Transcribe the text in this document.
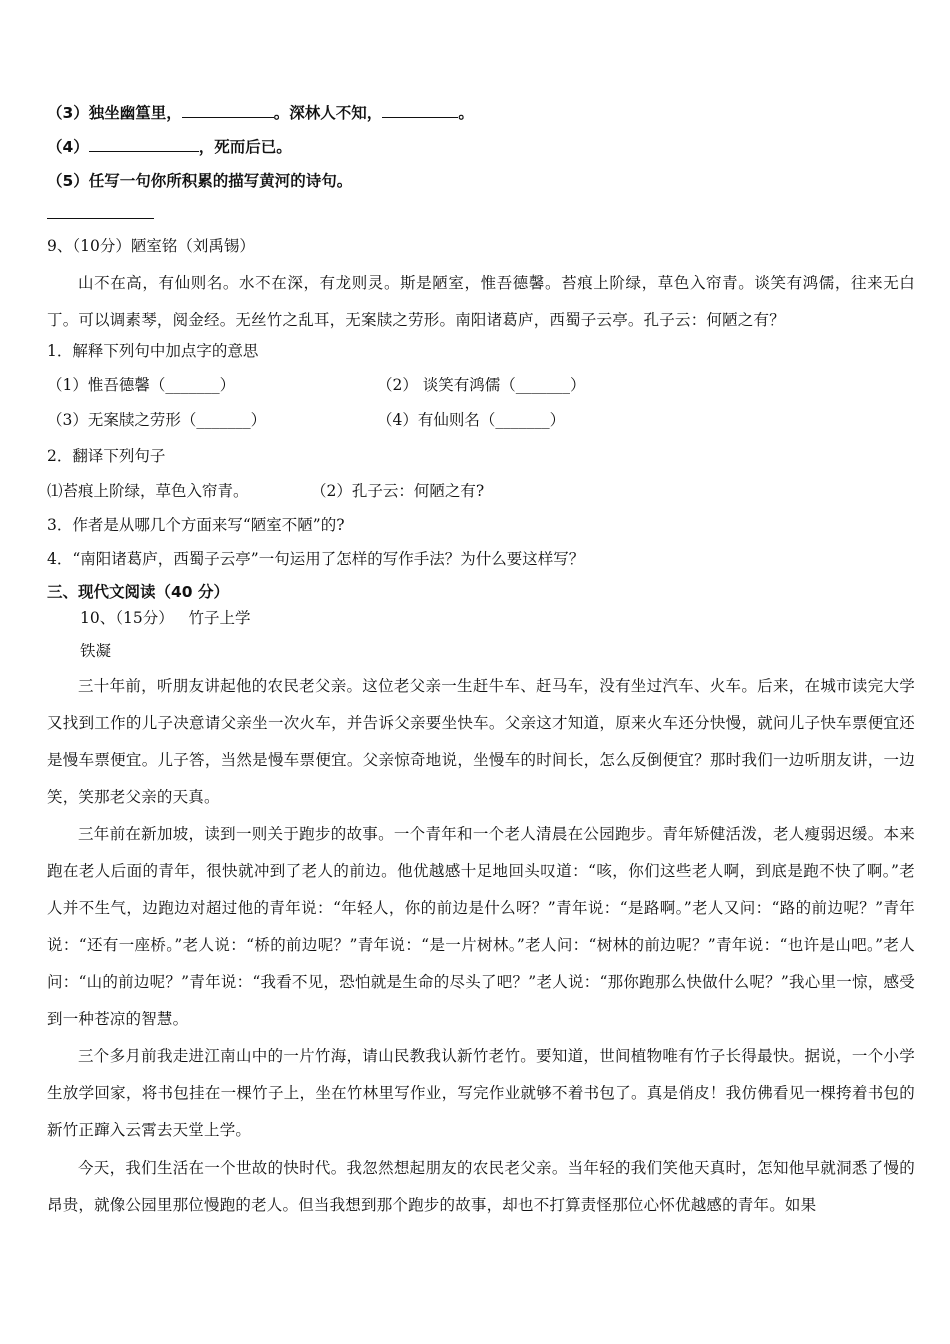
（3）独坐幽篁里，	。深林人不知，	。
（4）	，死而后已。
（5）任写一句你所积累的描写黄河的诗句。
9、（10分）陋室铭（刘禹锡）
山不在高，有仙则名。水不在深，有龙则灵。斯是陋室，惟吾德馨。苔痕上阶绿，草色入帘青。谈笑有鸿儒，往来无白丁。可以调素琴，阅金经。无丝竹之乱耳，无案牍之劳形。南阳诸葛庐，西蜀子云亭。孔子云：何陋之有？
1．解释下列句中加点字的意思
（1）惟吾德馨（_______）	（2） 谈笑有鸿儒（_______）
（3）无案牍之劳形（_______）	（4）有仙则名（_______）
2．翻译下列句子
⑴苔痕上阶绿，草色入帘青。	（2）孔子云：何陋之有?
3．作者是从哪几个方面来写“陋室不陋”的?
4．“南阳诸葛庐，西蜀子云亭”一句运用了怎样的写作手法？为什么要这样写？
三、现代文阅读（40 分）
10、（15分）   竹子上学
铁凝
三十年前，听朋友讲起他的农民老父亲。这位老父亲一生赶牛车、赶马车，没有坐过汽车、火车。后来，在城市读完大学又找到工作的儿子决意请父亲坐一次火车，并告诉父亲要坐快车。父亲这才知道，原来火车还分快慢，就问儿子快车票便宜还是慢车票便宜。儿子答，当然是慢车票便宜。父亲惊奇地说，坐慢车的时间长，怎么反倒便宜？那时我们一边听朋友讲，一边笑，笑那老父亲的天真。
三年前在新加坡，读到一则关于跑步的故事。一个青年和一个老人清晨在公园跑步。青年矫健活泼，老人瘦弱迟缓。本来跑在老人后面的青年，很快就冲到了老人的前边。他优越感十足地回头叹道：“咳，你们这些老人啊，到底是跑不快了啊。”老人并不生气，边跑边对超过他的青年说：“年轻人，你的前边是什么呀？”青年说：“是路啊。”老人又问：“路的前边呢？”青年说：“还有一座桥。”老人说：“桥的前边呢？”青年说：“是一片树林。”老人问：“树林的前边呢？”青年说：“也许是山吧。”老人问：“山的前边呢？”青年说：“我看不见，恐怕就是生命的尽头了吧？”老人说：“那你跑那么快做什么呢？”我心里一惊，感受到一种苍凉的智慧。
三个多月前我走进江南山中的一片竹海，请山民教我认新竹老竹。要知道，世间植物唯有竹子长得最快。据说，一个小学生放学回家，将书包挂在一棵竹子上，坐在竹林里写作业，写完作业就够不着书包了。真是俏皮！我仿佛看见一棵挎着书包的新竹正蹿入云霄去天堂上学。
今天，我们生活在一个世故的快时代。我忽然想起朋友的农民老父亲。当年轻的我们笑他天真时，怎知他早就洞悉了慢的昂贵，就像公园里那位慢跑的老人。但当我想到那个跑步的故事，却也不打算责怪那位心怀优越感的青年。如果
